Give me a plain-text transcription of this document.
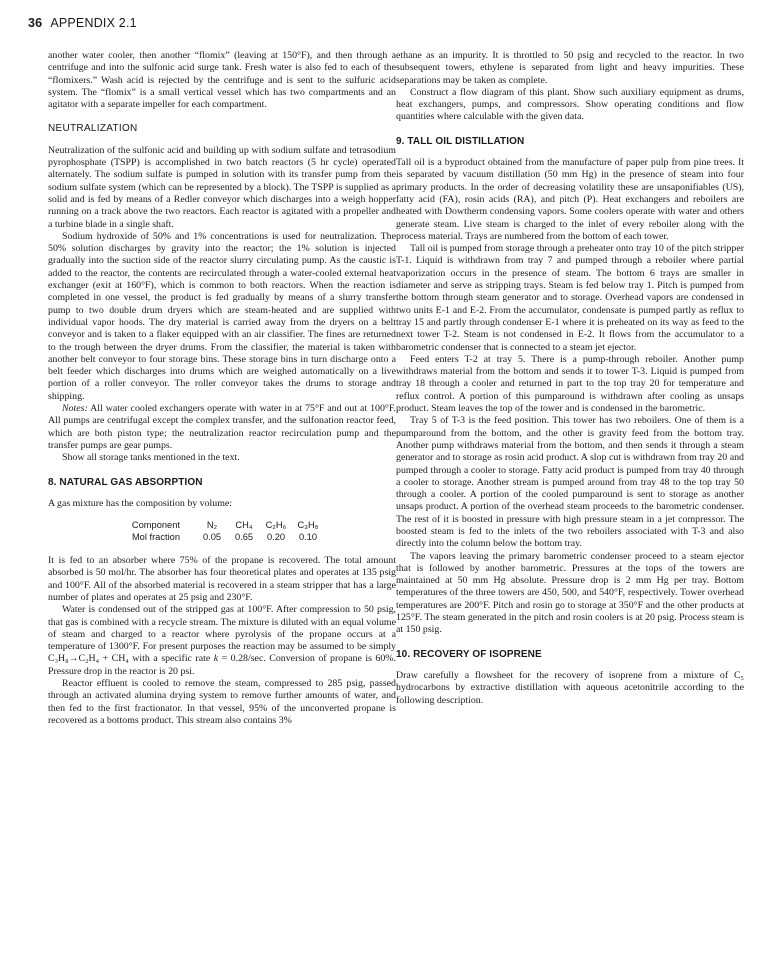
36 APPENDIX 2.1

another water cooler, then another “flomix” (leaving at 150°F), and then through a centrifuge and into the sulfonic acid surge tank. Fresh water is also fed to each of the “flomixers.” Wash acid is rejected by the centrifuge and is sent to the sulfuric acid system. The “flomix” is a small vertical vessel which has two compartments and an agitator with a separate impeller for each compartment.

NEUTRALIZATION

Neutralization of the sulfonic acid and building up with sodium sulfate and tetrasodium pyrophosphate (TSPP) is accomplished in two batch reactors (5 hr cycle) operated alternately. The sodium sulfate is pumped in solution with its transfer pump from the sodium sulfate system (which can be represented by a block). The TSPP is supplied as a solid and is fed by means of a Redler conveyor which discharges into a weigh hopper running on a track above the two reactors. Each reactor is agitated with a propeller and a turbine blade in a single shaft.

Sodium hydroxide of 50% and 1% concentrations is used for neutralization. The 50% solution discharges by gravity into the reactor; the 1% solution is injected gradually into the suction side of the reactor slurry circulating pump. As the caustic is added to the reactor, the contents are recirculated through a water-cooled external heat exchanger (exit at 160°F), which is common to both reactors. When the reaction is completed in one vessel, the product is fed gradually by means of a slurry transfer pump to two double drum dryers which are steam-heated and are supplied with individual vapor hoods. The dry material is carried away from the dryers on a belt conveyor and is taken to a flaker equipped with an air classifier. The fines are returned to the trough between the dryer drums. From the classifier, the material is taken with another belt conveyor to four storage bins. These storage bins in turn discharge onto a belt feeder which discharges into drums which are weighed automatically on a live portion of a roller conveyor. The roller conveyor takes the drums to storage and shipping.

Notes: All water cooled exchangers operate with water in at 75°F and out at 100°F. All pumps are centrifugal except the complex transfer, and the sulfonation reactor feed, which are both piston type; the neutralization reactor recirculation pump and the transfer pumps are gear pumps.

Show all storage tanks mentioned in the text.

8. NATURAL GAS ABSORPTION

A gas mixture has the composition by volume:

Component	N₂	CH₄	C₂H₆	C₃H₈
Mol fraction	0.05	0.65	0.20	0.10

It is fed to an absorber where 75% of the propane is recovered. The total amount absorbed is 50 mol/hr. The absorber has four theoretical plates and operates at 135 psig and 100°F. All of the absorbed material is recovered in a steam stripper that has a large number of plates and operates at 25 psig and 230°F.

Water is condensed out of the stripped gas at 100°F. After compression to 50 psig, that gas is combined with a recycle stream. The mixture is diluted with an equal volume of steam and charged to a reactor where pyrolysis of the propane occurs at a temperature of 1300°F. For present purposes the reaction may be assumed to be simply C₃H₈→C₂H₄ + CH₄ with a specific rate k = 0.28/sec. Conversion of propane is 60%. Pressure drop in the reactor is 20 psi.

Reactor effluent is cooled to remove the steam, compressed to 285 psig, passed through an activated alumina drying system to remove further amounts of water, and then fed to the first fractionator. In that vessel, 95% of the unconverted propane is recovered as a bottoms product. This stream also contains 3%

ethane as an impurity. It is throttled to 50 psig and recycled to the reactor. In two subsequent towers, ethylene is separated from light and heavy impurities. These separations may be taken as complete.

Construct a flow diagram of this plant. Show such auxiliary equipment as drums, heat exchangers, pumps, and compressors. Show operating conditions and flow quantities where calculable with the given data.

9. TALL OIL DISTILLATION

Tall oil is a byproduct obtained from the manufacture of paper pulp from pine trees. It is separated by vacuum distillation (50 mm Hg) in the presence of steam into four primary products. In the order of decreasing volatility these are unsaponifiables (US), fatty acid (FA), rosin acids (RA), and pitch (P). Heat exchangers and reboilers are heated with Dowtherm condensing vapors. Some coolers operate with water and others generate steam. Live steam is charged to the inlet of every reboiler along with the process material. Trays are numbered from the bottom of each tower.

Tall oil is pumped from storage through a preheater onto tray 10 of the pitch stripper T-1. Liquid is withdrawn from tray 7 and pumped through a reboiler where partial vaporization occurs in the presence of steam. The bottom 6 trays are smaller in diameter and serve as stripping trays. Steam is fed below tray 1. Pitch is pumped from the bottom through steam generator and to storage. Overhead vapors are condensed in two units E-1 and E-2. From the accumulator, condensate is pumped partly as reflux to tray 15 and partly through condenser E-1 where it is preheated on its way as feed to the next tower T-2. Steam is not condensed in E-2. It flows from the accumulator to a barometric condenser that is connected to a steam jet ejector.

Feed enters T-2 at tray 5. There is a pump-through reboiler. Another pump withdraws material from the bottom and sends it to tower T-3. Liquid is pumped from tray 18 through a cooler and returned in part to the top tray 20 for temperature and reflux control. A portion of this pumparound is withdrawn after cooling as unsaps product. Steam leaves the top of the tower and is condensed in the barometric.

Tray 5 of T-3 is the feed position. This tower has two reboilers. One of them is a pumparound from the bottom, and the other is gravity feed from the bottom tray. Another pump withdraws material from the bottom, and then sends it through a steam generator and to storage as rosin acid product. A slop cut is withdrawn from tray 20 and pumped through a cooler to storage. Fatty acid product is pumped from tray 40 through a cooler to storage. Another stream is pumped around from tray 48 to the top tray 50 through a cooler. A portion of the cooled pumparound is sent to storage as another unsaps product. A portion of the overhead steam proceeds to the barometric condenser. The rest of it is boosted in pressure with high pressure steam in a jet compressor. The boosted steam is fed to the inlets of the two reboilers associated with T-3 and also directly into the column below the bottom tray.

The vapors leaving the primary barometric condenser proceed to a steam ejector that is followed by another barometric. Pressures at the tops of the towers are maintained at 50 mm Hg absolute. Pressure drop is 2 mm Hg per tray. Bottom temperatures of the three towers are 450, 500, and 540°F, respectively. Tower overhead temperatures are 200°F. Pitch and rosin go to storage at 350°F and the other products at 125°F. The steam generated in the pitch and rosin coolers is at 20 psig. Process steam is at 150 psig.

10. RECOVERY OF ISOPRENE

Draw carefully a flowsheet for the recovery of isoprene from a mixture of C₅ hydrocarbons by extractive distillation with aqueous acetonitrile according to the following description.
